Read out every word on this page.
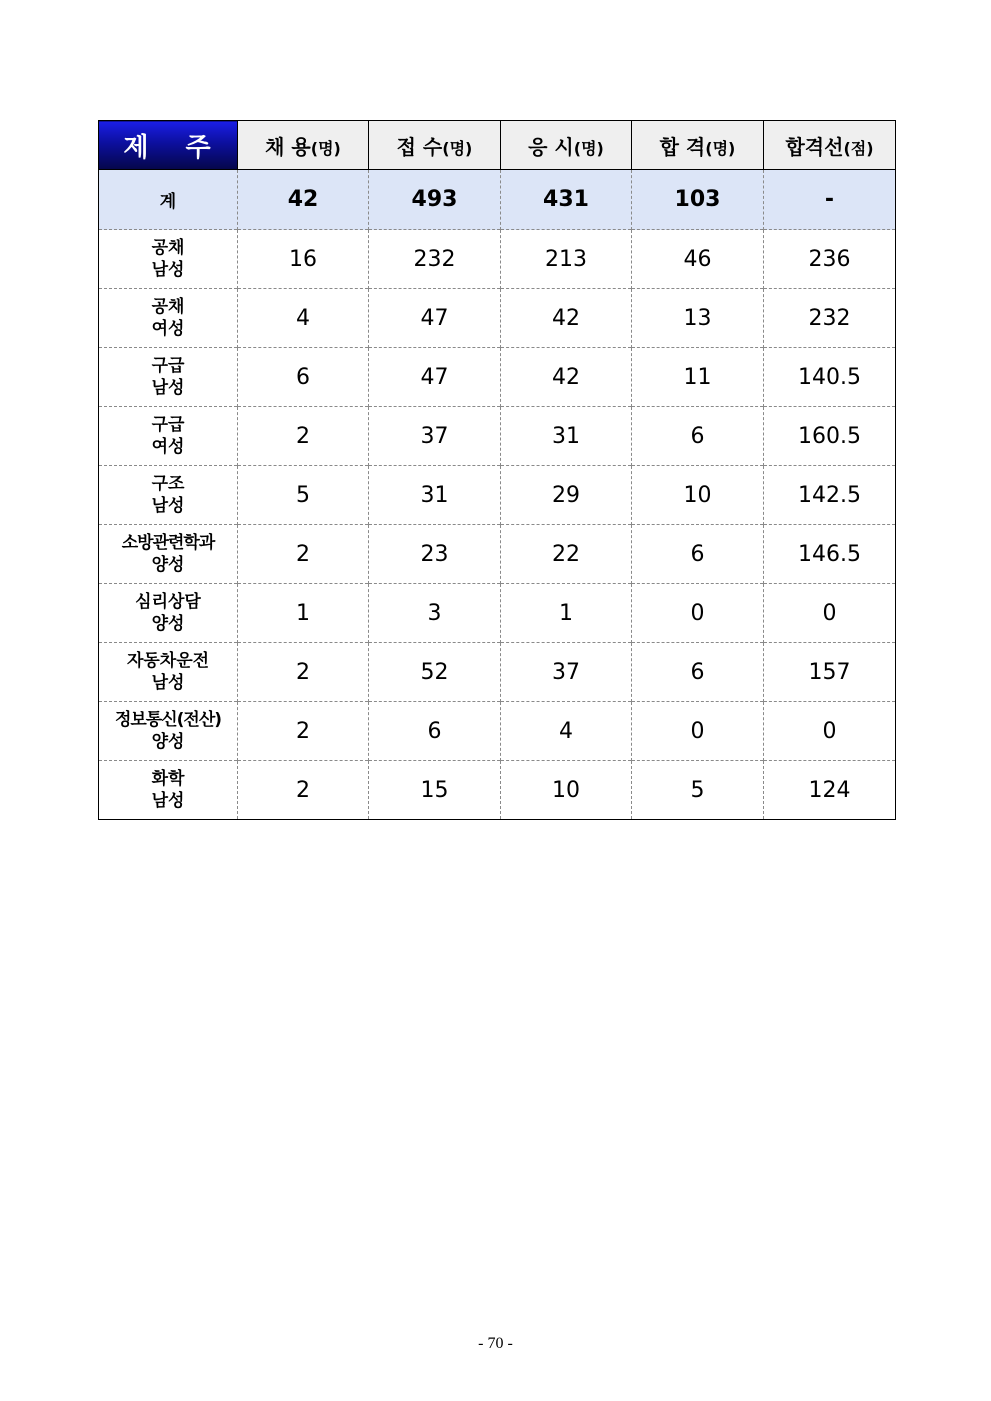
제 주	채 용(명)	접 수(명)	응 시(명)	합 격(명)	합격선(점)
계	42	493	431	103	-

공채
남성	16	232	213	46	236

공채
여성	4	47	42	13	232

구급
남성	6	47	42	11	140.5

구급
여성	2	37	31	6	160.5

구조
남성	5	31	29	10	142.5

소방관련학과
양성	2	23	22	6	146.5

심리상담
양성	1	3	1	0	0

자동차운전
남성	2	52	37	6	157

정보통신(전산)
양성	2	6	4	0	0

화학
남성	2	15	10	5	124
- 70 -
